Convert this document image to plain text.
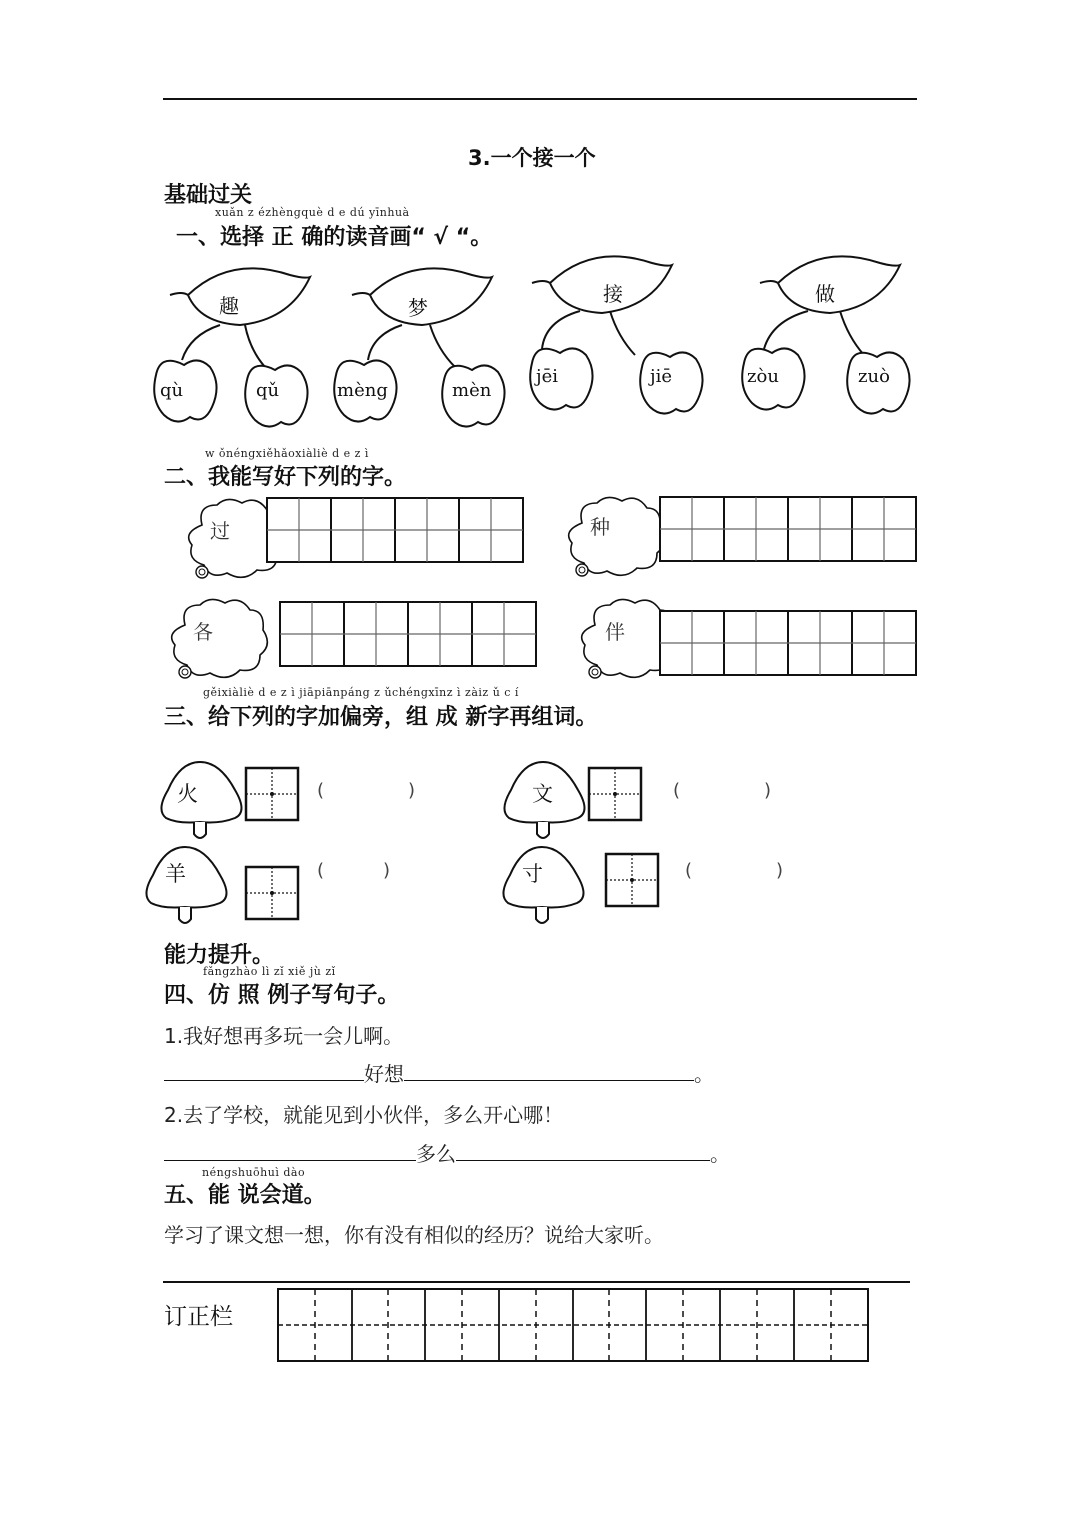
3.一个接一个
基础过关
xuǎn z ézhèngquè d e dú yīnhuà
一、选择 正 确的读音画“ √ “。
趣	梦
接	做
qù	qǔ	mèng	mèn
jēi	jiē	zòu	zuò
w ǒnéngxiěhǎoxiàliè d e z ì
二、我能写好下列的字。
过	种
各	伴
gěixiàliè d e z ì jiāpiānpáng z ǔchéngxīnz ì zàiz ǔ c í
三、给下列的字加偏旁，组 成 新字再组词。
火	文
羊	寸
(	)	(	)
(	)	(	)
能力提升。
fǎngzhào lì zǐ xiě jù zǐ
四、仿 照 例子写句子。
1.我好想再多玩一会儿啊。
好想	。
2.去了学校，就能见到小伙伴，多么开心哪！
多么	。
néngshuōhuì dào
五、能 说会道。
学习了课文想一想，你有没有相似的经历？说给大家听。
订正栏
